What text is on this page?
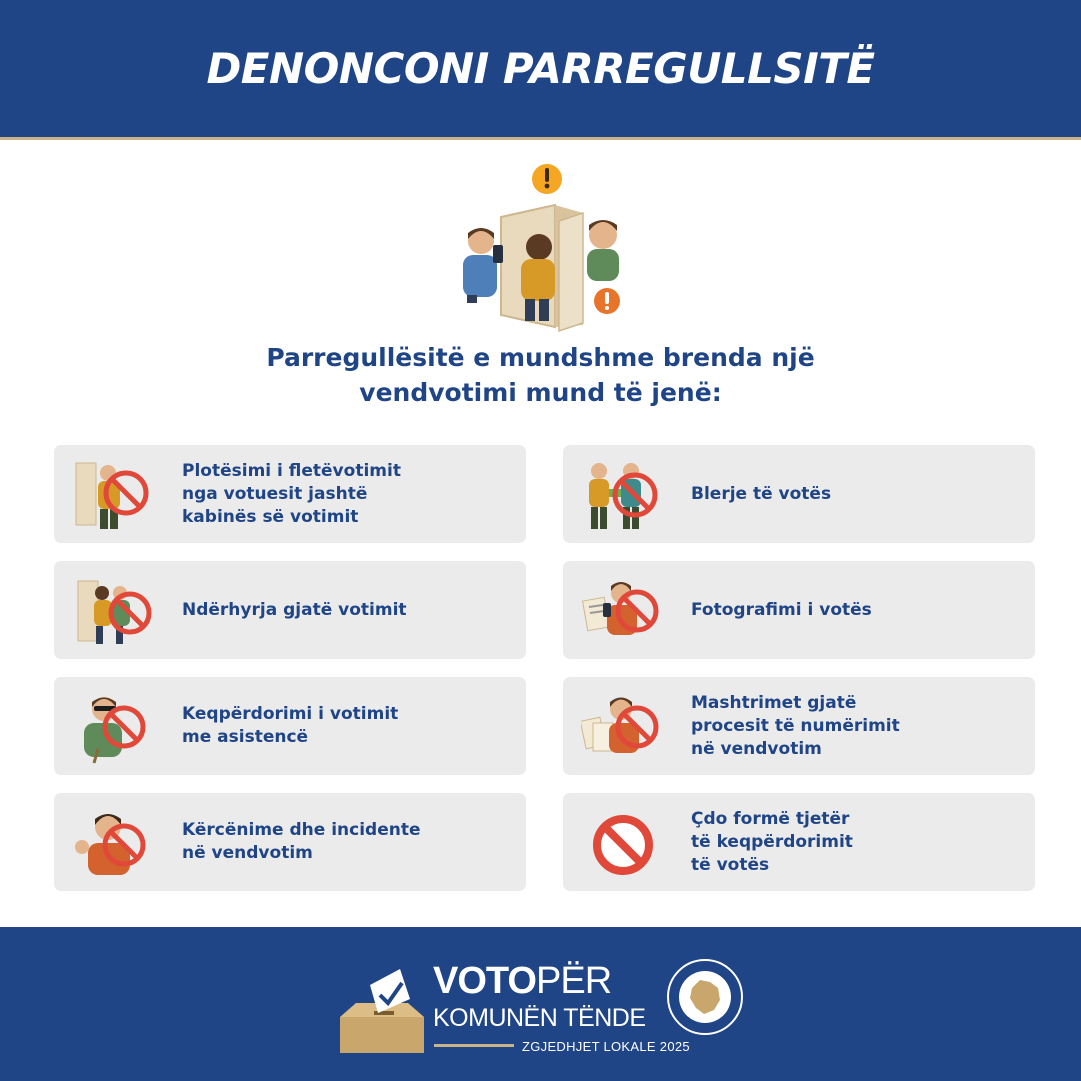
DENONCONI PARREGULLSITË
Parregullësitë e mundshme brenda një
vendvotimi mund të jenë:
Plotësimi i fletëvotimit
nga votuesit jashtë
kabinës së votimit
Blerje të votës
Ndërhyrja gjatë votimit	Fotografimi i votës
Keqpërdorimi i votimit
me asistencë
Mashtrimet gjatë
procesit të numërimit
në vendvotim
Kërcënime dhe incidente
në vendvotim
Çdo formë tjetër
të keqpërdorimit
të votës
VOTOPËR
KOMUNËN TËNDE
ZGJEDHJET LOKALE 2025
